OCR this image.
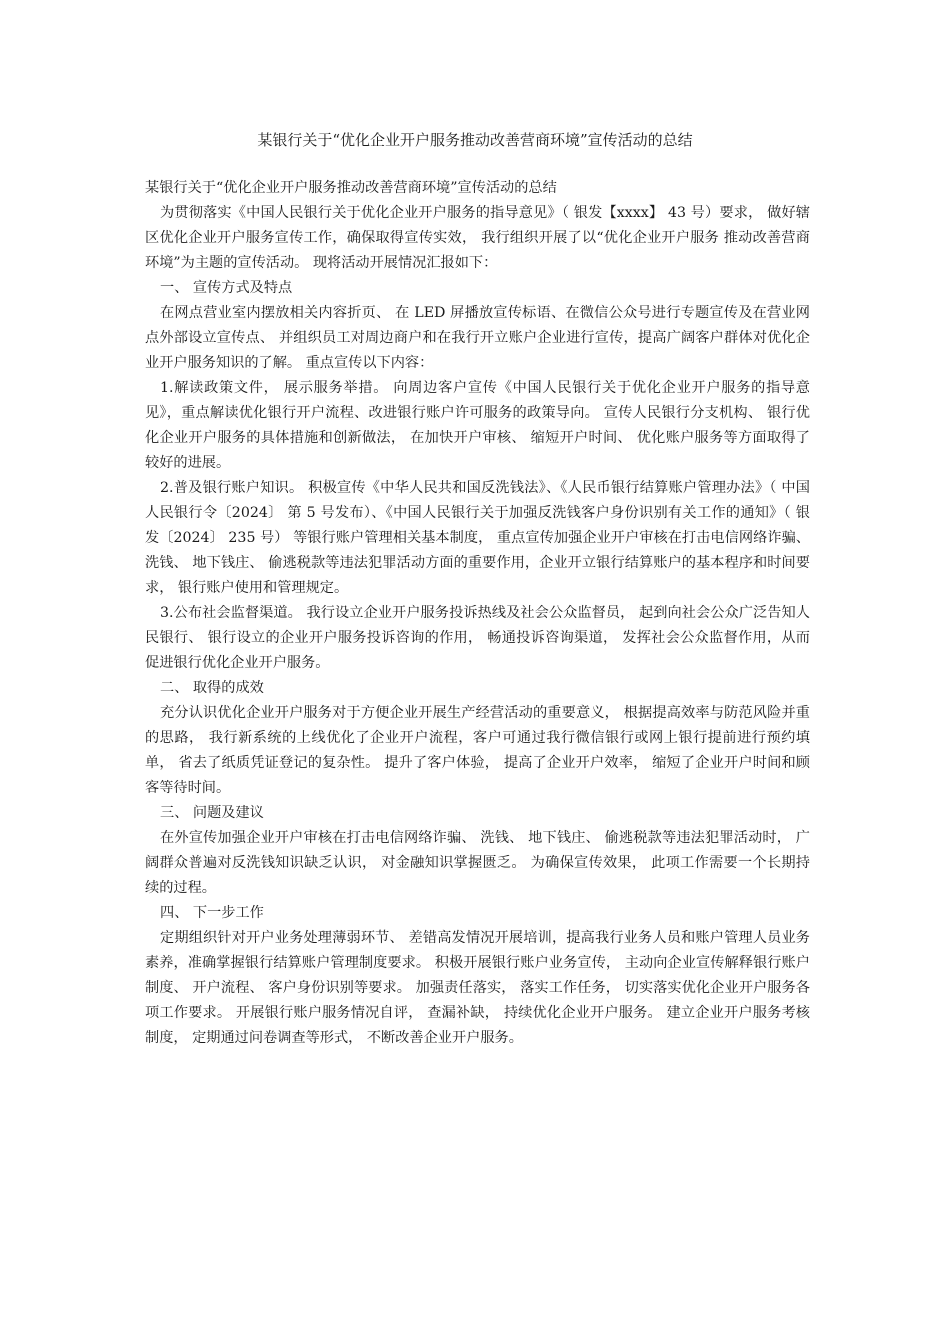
某银行关于“优化企业开户服务推动改善营商环境”宣传活动的总结

某银行关于“优化企业开户服务推动改善营商环境”宣传活动的总结

为贯彻落实《中国人民银行关于优化企业开户服务的指导意见》（ 银发【xxxx】 43 号）要求， 做好辖区优化企业开户服务宣传工作，确保取得宣传实效， 我行组织开展了以“优化企业开户服务 推动改善营商环境”为主题的宣传活动。 现将活动开展情况汇报如下：

一、 宣传方式及特点

在网点营业室内摆放相关内容折页、 在 LED 屏播放宣传标语、在微信公众号进行专题宣传及在营业网点外部设立宣传点、 并组织员工对周边商户和在我行开立账户企业进行宣传，提高广阔客户群体对优化企业开户服务知识的了解。 重点宣传以下内容：

1.解读政策文件， 展示服务举措。 向周边客户宣传《中国人民银行关于优化企业开户服务的指导意见》，重点解读优化银行开户流程、改进银行账户许可服务的政策导向。 宣传人民银行分支机构、 银行优化企业开户服务的具体措施和创新做法， 在加快开户审核、 缩短开户时间、 优化账户服务等方面取得了较好的进展。

2.普及银行账户知识。 积极宣传《中华人民共和国反洗钱法》、《人民币银行结算账户管理办法》（ 中国人民银行令〔2024〕 第 5 号发布）、《中国人民银行关于加强反洗钱客户身份识别有关工作的通知》（ 银发〔2024〕 235 号） 等银行账户管理相关基本制度， 重点宣传加强企业开户审核在打击电信网络诈骗、 洗钱、 地下钱庄、 偷逃税款等违法犯罪活动方面的重要作用，企业开立银行结算账户的基本程序和时间要求， 银行账户使用和管理规定。

3.公布社会监督渠道。 我行设立企业开户服务投诉热线及社会公众监督员， 起到向社会公众广泛告知人民银行、 银行设立的企业开户服务投诉咨询的作用， 畅通投诉咨询渠道， 发挥社会公众监督作用，从而促进银行优化企业开户服务。

二、 取得的成效

充分认识优化企业开户服务对于方便企业开展生产经营活动的重要意义， 根据提高效率与防范风险并重的思路， 我行新系统的上线优化了企业开户流程，客户可通过我行微信银行或网上银行提前进行预约填单， 省去了纸质凭证登记的复杂性。 提升了客户体验， 提高了企业开户效率， 缩短了企业开户时间和顾客等待时间。

三、 问题及建议

在外宣传加强企业开户审核在打击电信网络诈骗、 洗钱、 地下钱庄、 偷逃税款等违法犯罪活动时， 广阔群众普遍对反洗钱知识缺乏认识， 对金融知识掌握匮乏。 为确保宣传效果， 此项工作需要一个长期持续的过程。

四、 下一步工作

定期组织针对开户业务处理薄弱环节、 差错高发情况开展培训，提高我行业务人员和账户管理人员业务素养，准确掌握银行结算账户管理制度要求。 积极开展银行账户业务宣传， 主动向企业宣传解释银行账户制度、 开户流程、 客户身份识别等要求。 加强责任落实， 落实工作任务， 切实落实优化企业开户服务各项工作要求。 开展银行账户服务情况自评， 查漏补缺， 持续优化企业开户服务。 建立企业开户服务考核制度， 定期通过问卷调查等形式， 不断改善企业开户服务。
